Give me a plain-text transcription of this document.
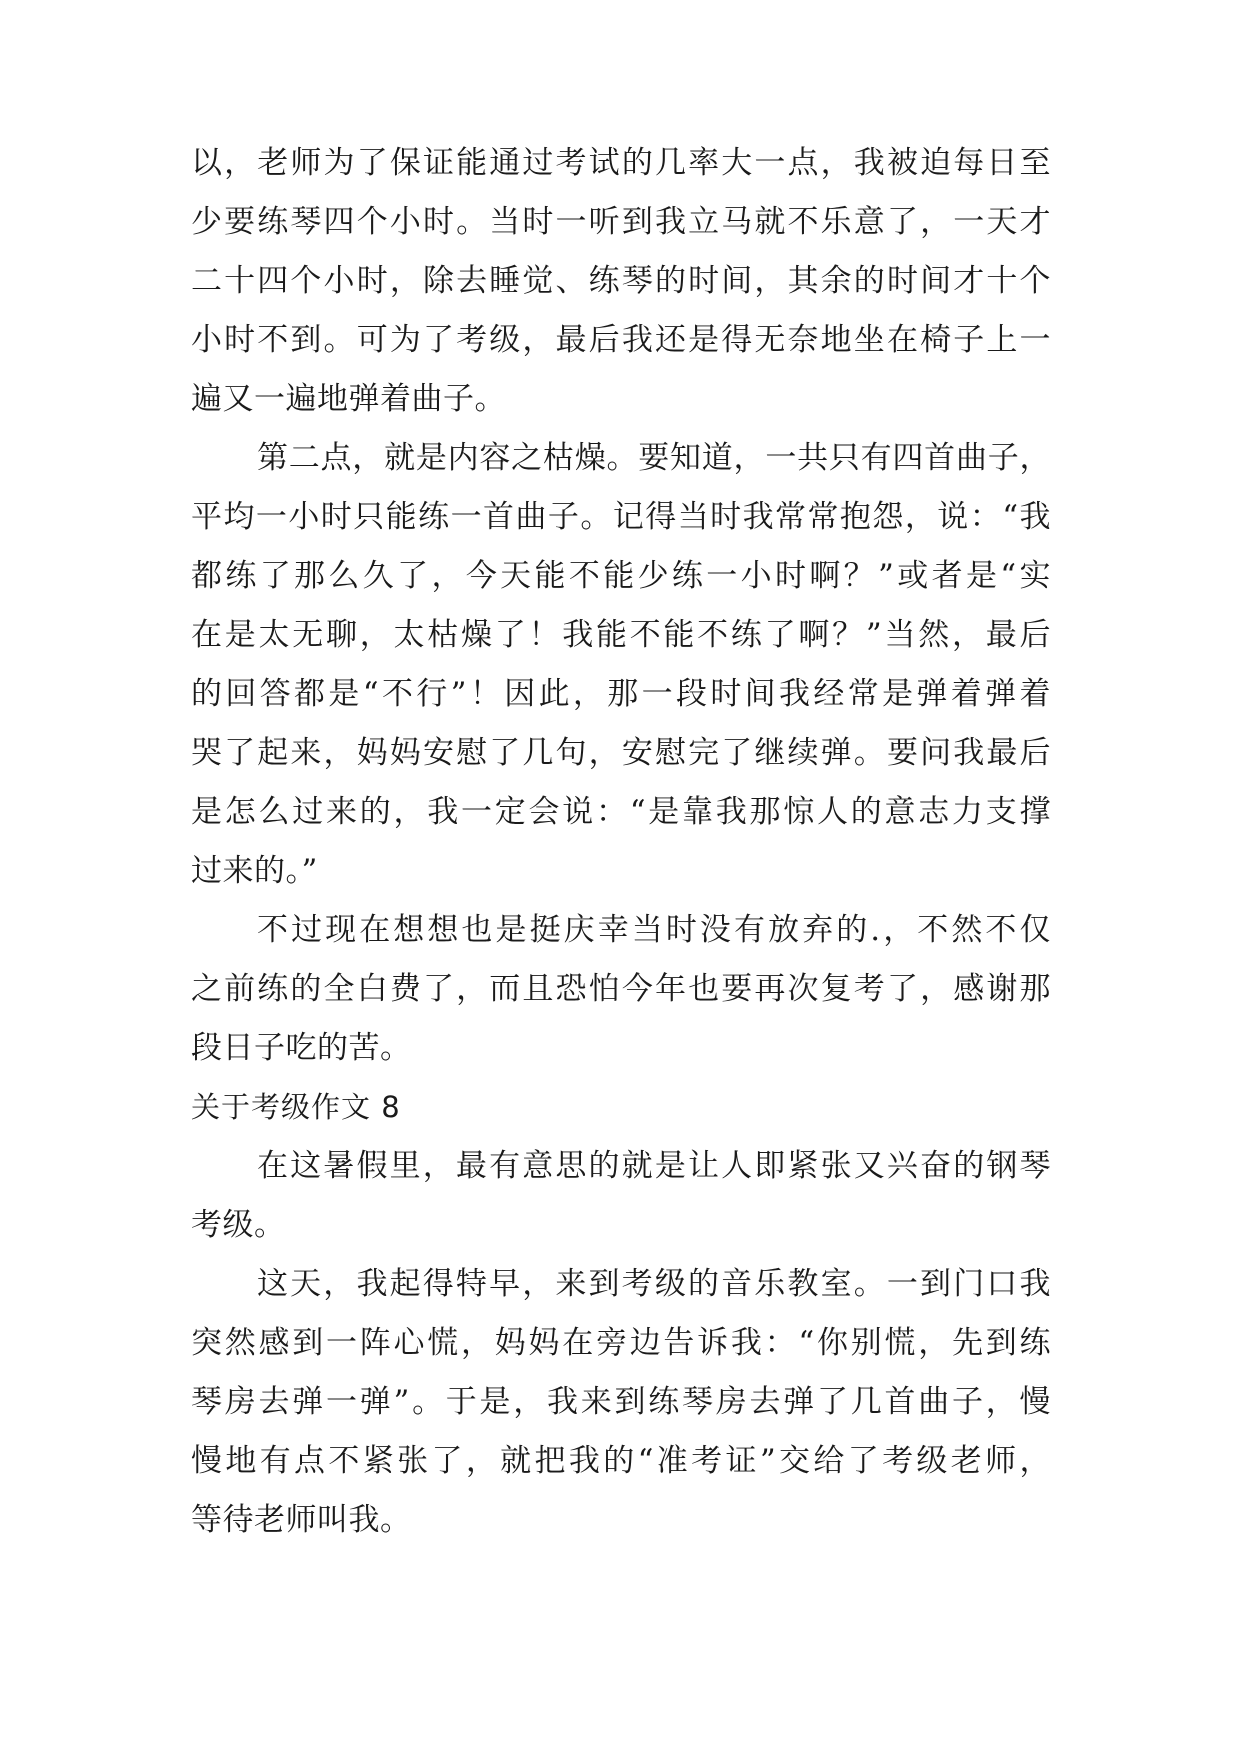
以，老师为了保证能通过考试的几率大一点，我被迫每日至
少要练琴四个小时。当时一听到我立马就不乐意了，一天才
二十四个小时，除去睡觉、练琴的时间，其余的时间才十个
小时不到。可为了考级，最后我还是得无奈地坐在椅子上一
遍又一遍地弹着曲子。
第二点，就是内容之枯燥。要知道，一共只有四首曲子，
平均一小时只能练一首曲子。记得当时我常常抱怨，说：“我
都练了那么久了，今天能不能少练一小时啊？”或者是“实
在是太无聊，太枯燥了！我能不能不练了啊？”当然，最后
的回答都是“不行”！因此，那一段时间我经常是弹着弹着
哭了起来，妈妈安慰了几句，安慰完了继续弹。要问我最后
是怎么过来的，我一定会说：“是靠我那惊人的意志力支撑
过来的。”
不过现在想想也是挺庆幸当时没有放弃的.，不然不仅
之前练的全白费了，而且恐怕今年也要再次复考了，感谢那
段日子吃的苦。
关于考级作文 8
在这暑假里，最有意思的就是让人即紧张又兴奋的钢琴
考级。
这天，我起得特早，来到考级的音乐教室。一到门口我
突然感到一阵心慌，妈妈在旁边告诉我：“你别慌，先到练
琴房去弹一弹”。于是，我来到练琴房去弹了几首曲子，慢
慢地有点不紧张了，就把我的“准考证”交给了考级老师，
等待老师叫我。
